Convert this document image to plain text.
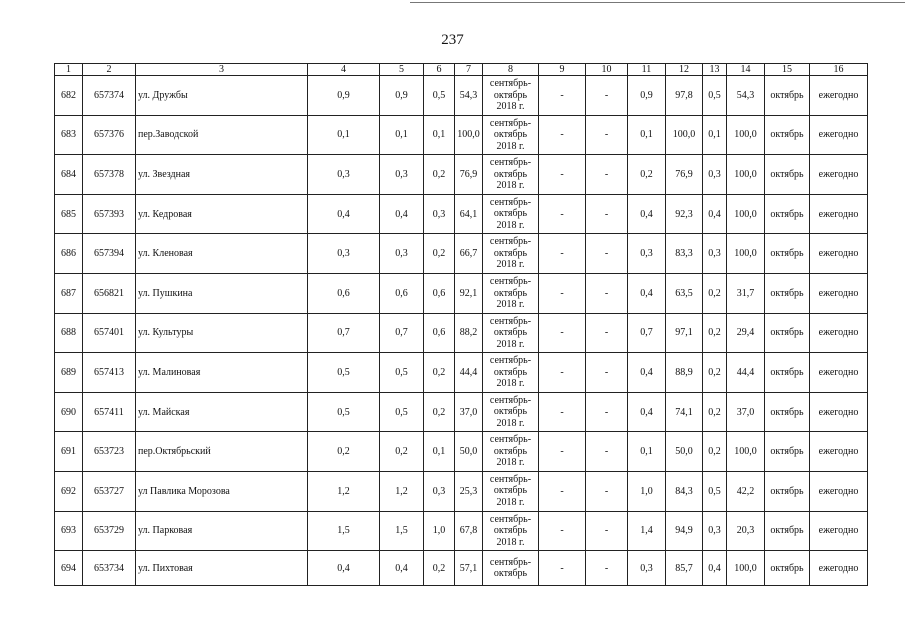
237
1	2	3	4	5	6	7	8	9	10	11	12	13	14	15	16
682	657374	ул. Дружбы	0,9	0,9	0,5	54,3	сентябрь-
октябрь
2018 г.	-	-	0,9	97,8	0,5	54,3	октябрь	ежегодно
683	657376	пер.Заводской	0,1	0,1	0,1	100,0	сентябрь-
октябрь
2018 г.	-	-	0,1	100,0	0,1	100,0	октябрь	ежегодно
684	657378	ул. Звездная	0,3	0,3	0,2	76,9	сентябрь-
октябрь
2018 г.	-	-	0,2	76,9	0,3	100,0	октябрь	ежегодно
685	657393	ул. Кедровая	0,4	0,4	0,3	64,1	сентябрь-
октябрь
2018 г.	-	-	0,4	92,3	0,4	100,0	октябрь	ежегодно
686	657394	ул. Кленовая	0,3	0,3	0,2	66,7	сентябрь-
октябрь
2018 г.	-	-	0,3	83,3	0,3	100,0	октябрь	ежегодно
687	656821	ул. Пушкина	0,6	0,6	0,6	92,1	сентябрь-
октябрь
2018 г.	-	-	0,4	63,5	0,2	31,7	октябрь	ежегодно
688	657401	ул. Культуры	0,7	0,7	0,6	88,2	сентябрь-
октябрь
2018 г.	-	-	0,7	97,1	0,2	29,4	октябрь	ежегодно
689	657413	ул. Малиновая	0,5	0,5	0,2	44,4	сентябрь-
октябрь
2018 г.	-	-	0,4	88,9	0,2	44,4	октябрь	ежегодно
690	657411	ул. Майская	0,5	0,5	0,2	37,0	сентябрь-
октябрь
2018 г.	-	-	0,4	74,1	0,2	37,0	октябрь	ежегодно
691	653723	пер.Октябрьский	0,2	0,2	0,1	50,0	сентябрь-
октябрь
2018 г.	-	-	0,1	50,0	0,2	100,0	октябрь	ежегодно
692	653727	ул Павлика Морозова	1,2	1,2	0,3	25,3	сентябрь-
октябрь
2018 г.	-	-	1,0	84,3	0,5	42,2	октябрь	ежегодно
693	653729	ул. Парковая	1,5	1,5	1,0	67,8	сентябрь-
октябрь
2018 г.	-	-	1,4	94,9	0,3	20,3	октябрь	ежегодно
694	653734	ул. Пихтовая	0,4	0,4	0,2	57,1	сентябрь-
октябрь	-	-	0,3	85,7	0,4	100,0	октябрь	ежегодно
